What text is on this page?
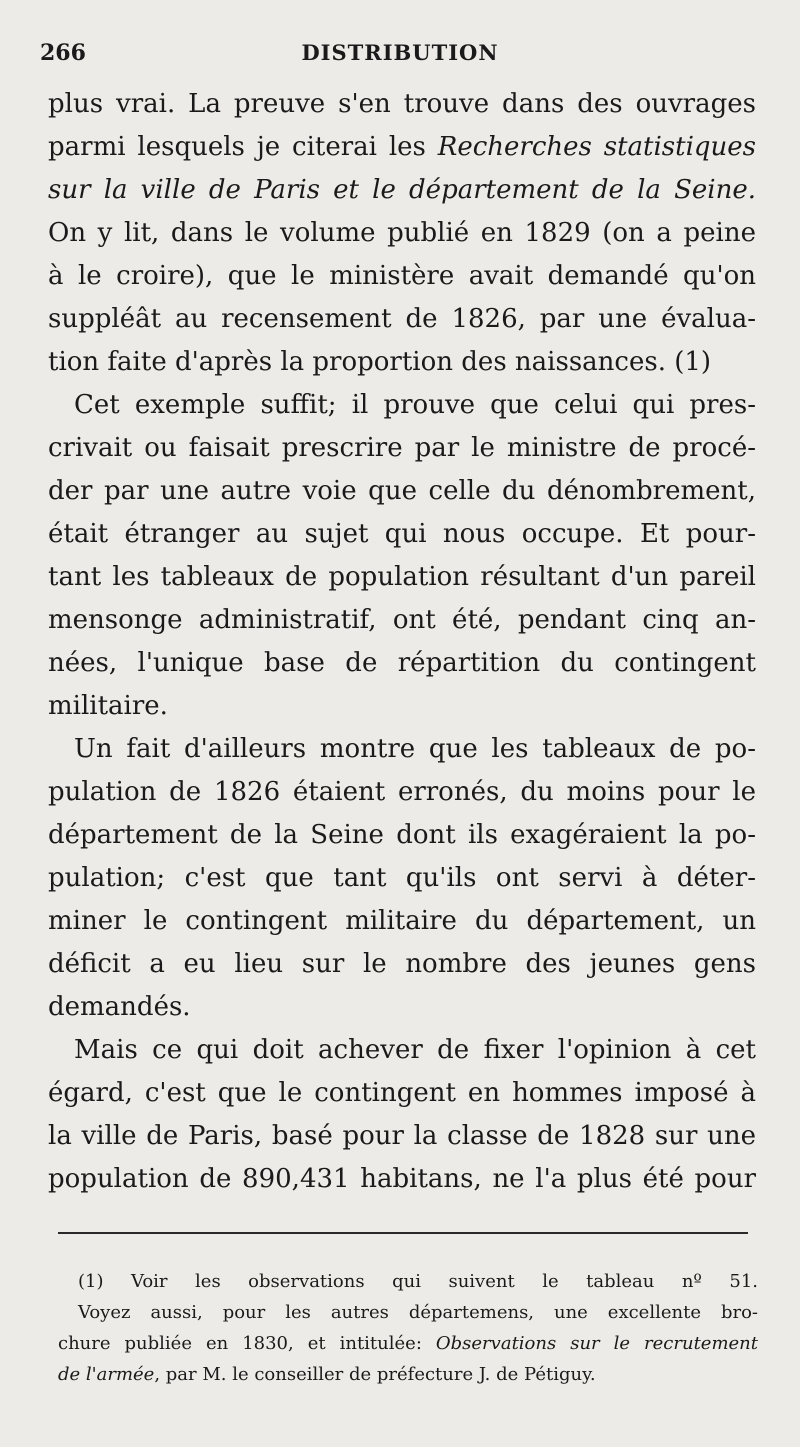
266	DISTRIBUTION
plus vrai. La preuve s'en trouve dans des ouvrages
parmi lesquels je citerai les Recherches statistiques
sur la ville de Paris et le département de la Seine.
On y lit, dans le volume publié en 1829 (on a peine
à le croire), que le ministère avait demandé qu'on
suppléât au recensement de 1826, par une évalua-
tion faite d'après la proportion des naissances. (1)
Cet exemple suffit; il prouve que celui qui pres-
crivait ou faisait prescrire par le ministre de procé-
der par une autre voie que celle du dénombrement,
était étranger au sujet qui nous occupe. Et pour-
tant les tableaux de population résultant d'un pareil
mensonge administratif, ont été, pendant cinq an-
nées, l'unique base de répartition du contingent
militaire.
Un fait d'ailleurs montre que les tableaux de po-
pulation de 1826 étaient erronés, du moins pour le
département de la Seine dont ils exagéraient la po-
pulation; c'est que tant qu'ils ont servi à déter-
miner le contingent militaire du département, un
déficit a eu lieu sur le nombre des jeunes gens
demandés.
Mais ce qui doit achever de fixer l'opinion à cet
égard, c'est que le contingent en hommes imposé à
la ville de Paris, basé pour la classe de 1828 sur une
population de 890,431 habitans, ne l'a plus été pour
(1) Voir les observations qui suivent le tableau nº 51.
Voyez aussi, pour les autres départemens, une excellente bro-
chure publiée en 1830, et intitulée: Observations sur le recrutement
de l'armée, par M. le conseiller de préfecture J. de Pétiguy.
